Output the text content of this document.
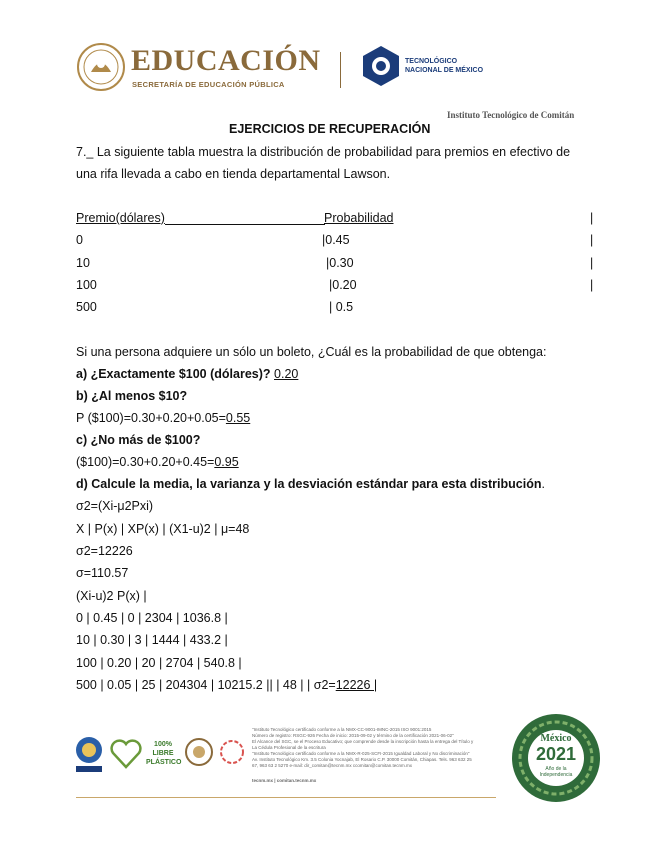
EDUCACIÓN
SECRETARÍA DE EDUCACIÓN PÚBLICA
TECNOLÓGICO
NACIONAL DE MÉXICO
Instituto Tecnológico de Comitán
EJERCICIOS DE RECUPERACIÓN
7._ La siguiente tabla muestra la distribución de probabilidad para premios en efectivo de
una rifa llevada a cabo en tienda departamental Lawson.
Premio(dólares)	Probabilidad	|
0	|0.45	|
10	|0.30	|
100	|0.20	|
500	| 0.5
Si una persona adquiere un sólo un boleto, ¿Cuál es la probabilidad de que obtenga:
a) ¿Exactamente $100 (dólares)? 0.20
b) ¿Al menos $10?
P ($100)=0.30+0.20+0.05=0.55
c) ¿No más de $100?
($100)=0.30+0.20+0.45=0.95
d) Calcule la media, la varianza y la desviación estándar para esta distribución.
σ2=(Xi-μ2Pxi)
X | P(x) | XP(x) | (X1-u)2 | μ=48
σ2=12226
σ=110.57
(Xi-u)2 P(x) |
0 | 0.45 | 0 | 2304 | 1036.8 |
10 | 0.30 | 3 | 1444 | 433.2 |
100 | 0.20 | 20 | 2704 | 540.8 |
500 | 0.05 | 25 | 204304 | 10215.2 || | 48 | | σ2=12226 |
100% LIBRE PLÁSTICO
"Instituto Tecnológico certificado conforme a la NMX-CC-9001-IMNC-2015 ISO 9001:2015
Número de registro: RSGC-926 Fecha de inicio: 2015-09-02 y término de la certificación 2021-06-02"
El Alcance del SGC, se el Proceso Educativo; que comprende desde la inscripción hasta la entrega del Título y
La Cédula Profesional de la escritura
"Instituto Tecnológico certificado conforme a la NMX-R-025-SCFI-2015 Igualdad Laboral y No discriminación"
Av. Instituto Tecnológico Km. 3.5 Colonia Yocnajab, El Rosario C.P. 30000 Comitán, Chiapas. Tels. 963 632 25
67, 963 63 2 5270 e-mail: dir_comitan@tecnm.mx ccomitan@comitan.tecnm.mx
tecnm.mx | comitan.tecnm.mx
México
2021
Año de la Independencia
